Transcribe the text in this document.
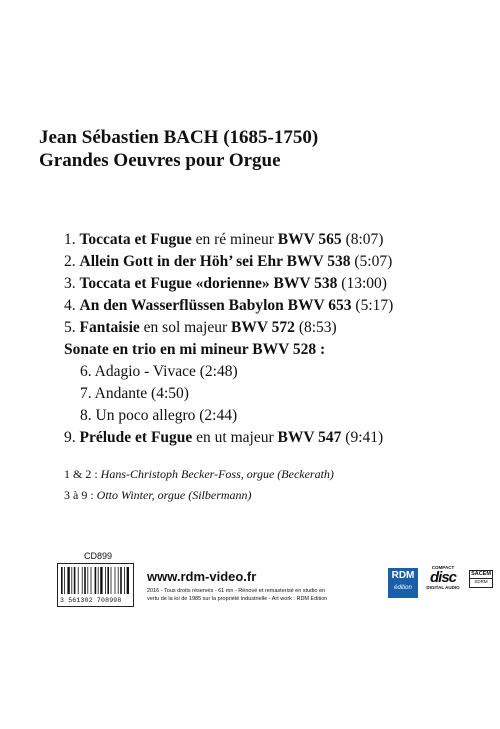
Jean Sébastien BACH (1685-1750)
Grandes Oeuvres pour Orgue
1. Toccata et Fugue en ré mineur BWV 565 (8:07)
2. Allein Gott in der Höh’ sei Ehr BWV 538 (5:07)
3. Toccata et Fugue «dorienne» BWV 538 (13:00)
4. An den Wasserflüssen Babylon BWV 653 (5:17)
5. Fantaisie en sol majeur BWV 572 (8:53)
Sonate en trio en mi mineur BWV 528 :
6. Adagio - Vivace (2:48)
7. Andante (4:50)
8. Un poco allegro (2:44)
9. Prélude et Fugue en ut majeur BWV 547 (9:41)
1 & 2 : Hans-Christoph Becker-Foss, orgue (Beckerath)
3 à 9 : Otto Winter, orgue (Silbermann)
CD899
3 561302 708998
www.rdm-video.fr
2016 - Tous droits réservés - 61 mn - Rénové et remasterisé en studio en
vertu de la loi de 1985 sur la propriété industrielle - Art work : RDM Edition
RDM
édition
COMPACT
disc
DIGITAL AUDIO
SACEM
SDRM
